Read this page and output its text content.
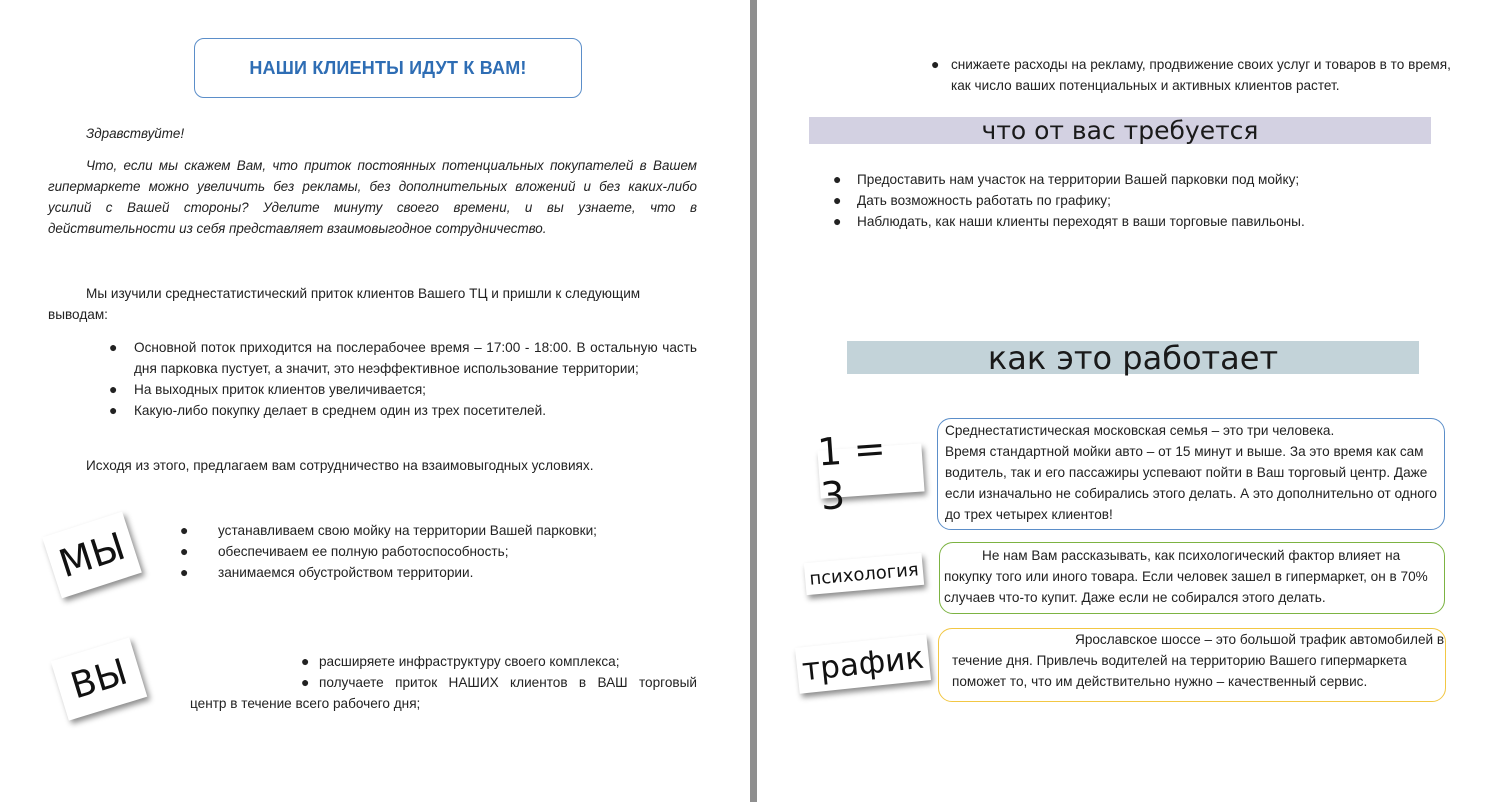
НАШИ КЛИЕНТЫ ИДУТ К ВАМ!
Здравствуйте!
Что, если мы скажем Вам, что приток постоянных потенциальных покупателей в Вашем гипермаркете можно увеличить без рекламы, без дополнительных вложений и без каких-либо усилий с Вашей стороны? Уделите минуту своего времени, и вы узнаете, что в действительности из себя представляет взаимовыгодное сотрудничество.
Мы изучили среднестатистический приток клиентов Вашего ТЦ и пришли к следующим выводам:
● Основной поток приходится на послерабочее время – 17:00 - 18:00. В остальную часть дня парковка пустует, а значит, это неэффективное использование территории;
● На выходных приток клиентов увеличивается;
● Какую-либо покупку делает в среднем один из трех посетителей.
Исходя из этого, предлагаем вам сотрудничество на взаимовыгодных условиях.
МЫ	● устанавливаем свою мойку на территории Вашей парковки;
● обеспечиваем ее полную работоспособность;
● занимаемся обустройством территории.
ВЫ	● расширяете инфраструктуру своего комплекса;
● получаете приток НАШИХ клиентов в ВАШ торговый
центр в течение всего рабочего дня;
● снижаете расходы на рекламу, продвижение своих услуг и товаров в то время, как число ваших потенциальных и активных клиентов растет.
что от вас требуется
● Предоставить нам участок на территории Вашей парковки под мойку;
● Дать возможность работать по графику;
● Наблюдать, как наши клиенты переходят в ваши торговые павильоны.
как это работает
1 = 3
Среднестатистическая московская семья – это три человека.
Время стандартной мойки авто – от 15 минут и выше. За это время как сам водитель, так и его пассажиры успевают пойти в Ваш торговый центр. Даже если изначально не собирались этого делать. А это дополнительно от одного до трех четырех клиентов!
психология
Не нам Вам рассказывать, как психологический фактор влияет на покупку того или иного товара. Если человек зашел в гипермаркет, он в 70% случаев что-то купит. Даже если не собирался этого делать.
трафик
Ярославское шоссе – это большой трафик автомобилей в течение дня. Привлечь водителей на территорию Вашего гипермаркета поможет то, что им действительно нужно – качественный сервис.
